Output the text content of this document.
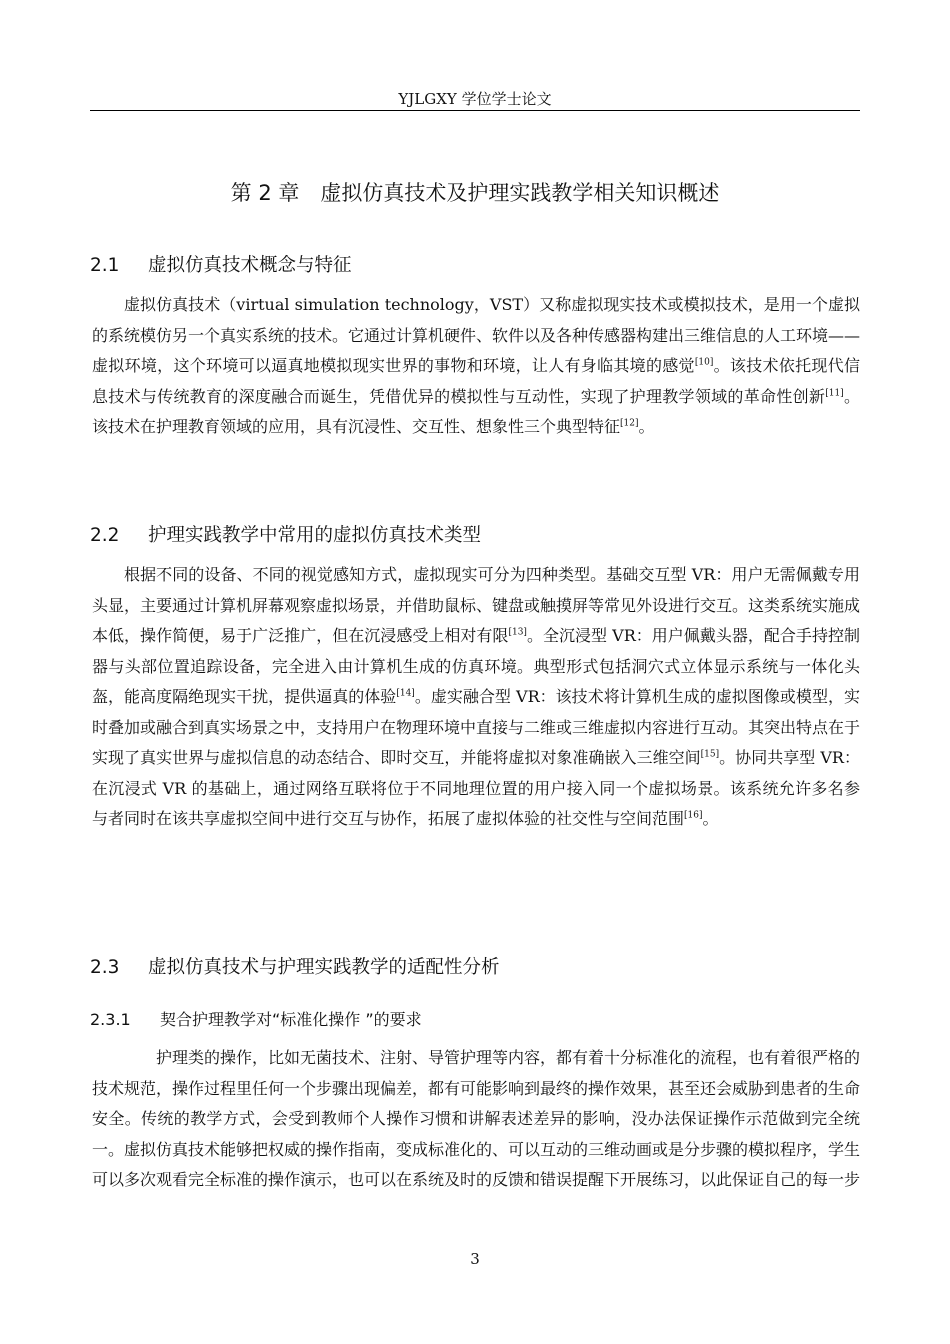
YJLGXY 学位学士论文
第 2 章　虚拟仿真技术及护理实践教学相关知识概述
2.1 虚拟仿真技术概念与特征

虚拟仿真技术（virtual simulation technology，VST）又称虚拟现实技术或模拟技术，是用一个虚拟的系统模仿另一个真实系统的技术。它通过计算机硬件、软件以及各种传感器构建出三维信息的人工环境——虚拟环境，这个环境可以逼真地模拟现实世界的事物和环境，让人有身临其境的感觉[10]。该技术依托现代信息技术与传统教育的深度融合而诞生，凭借优异的模拟性与互动性，实现了护理教学领域的革命性创新[11]。该技术在护理教育领域的应用，具有沉浸性、交互性、想象性三个典型特征[12]。

2.2 护理实践教学中常用的虚拟仿真技术类型

根据不同的设备、不同的视觉感知方式，虚拟现实可分为四种类型。基础交互型 VR：用户无需佩戴专用头显，主要通过计算机屏幕观察虚拟场景，并借助鼠标、键盘或触摸屏等常见外设进行交互。这类系统实施成本低，操作简便，易于广泛推广，但在沉浸感受上相对有限[13]。全沉浸型 VR：用户佩戴头器，配合手持控制器与头部位置追踪设备，完全进入由计算机生成的仿真环境。典型形式包括洞穴式立体显示系统与一体化头盔，能高度隔绝现实干扰，提供逼真的体验[14]。虚实融合型 VR：该技术将计算机生成的虚拟图像或模型，实时叠加或融合到真实场景之中，支持用户在物理环境中直接与二维或三维虚拟内容进行互动。其突出特点在于实现了真实世界与虚拟信息的动态结合、即时交互，并能将虚拟对象准确嵌入三维空间[15]。协同共享型 VR：在沉浸式 VR 的基础上，通过网络互联将位于不同地理位置的用户接入同一个虚拟场景。该系统允许多名参与者同时在该共享虚拟空间中进行交互与协作，拓展了虚拟体验的社交性与空间范围[16]。

2.3 虚拟仿真技术与护理实践教学的适配性分析
2.3.1 契合护理教学对“标准化操作 ”的要求

护理类的操作，比如无菌技术、注射、导管护理等内容，都有着十分标准化的流程，也有着很严格的技术规范，操作过程里任何一个步骤出现偏差，都有可能影响到最终的操作效果，甚至还会威胁到患者的生命安全。传统的教学方式，会受到教师个人操作习惯和讲解表述差异的影响，没办法保证操作示范做到完全统一。虚拟仿真技术能够把权威的操作指南，变成标准化的、可以互动的三维动画或是分步骤的模拟程序，学生可以多次观看完全标准的操作演示，也可以在系统及时的反馈和错误提醒下开展练习，以此保证自己的每一步

3
